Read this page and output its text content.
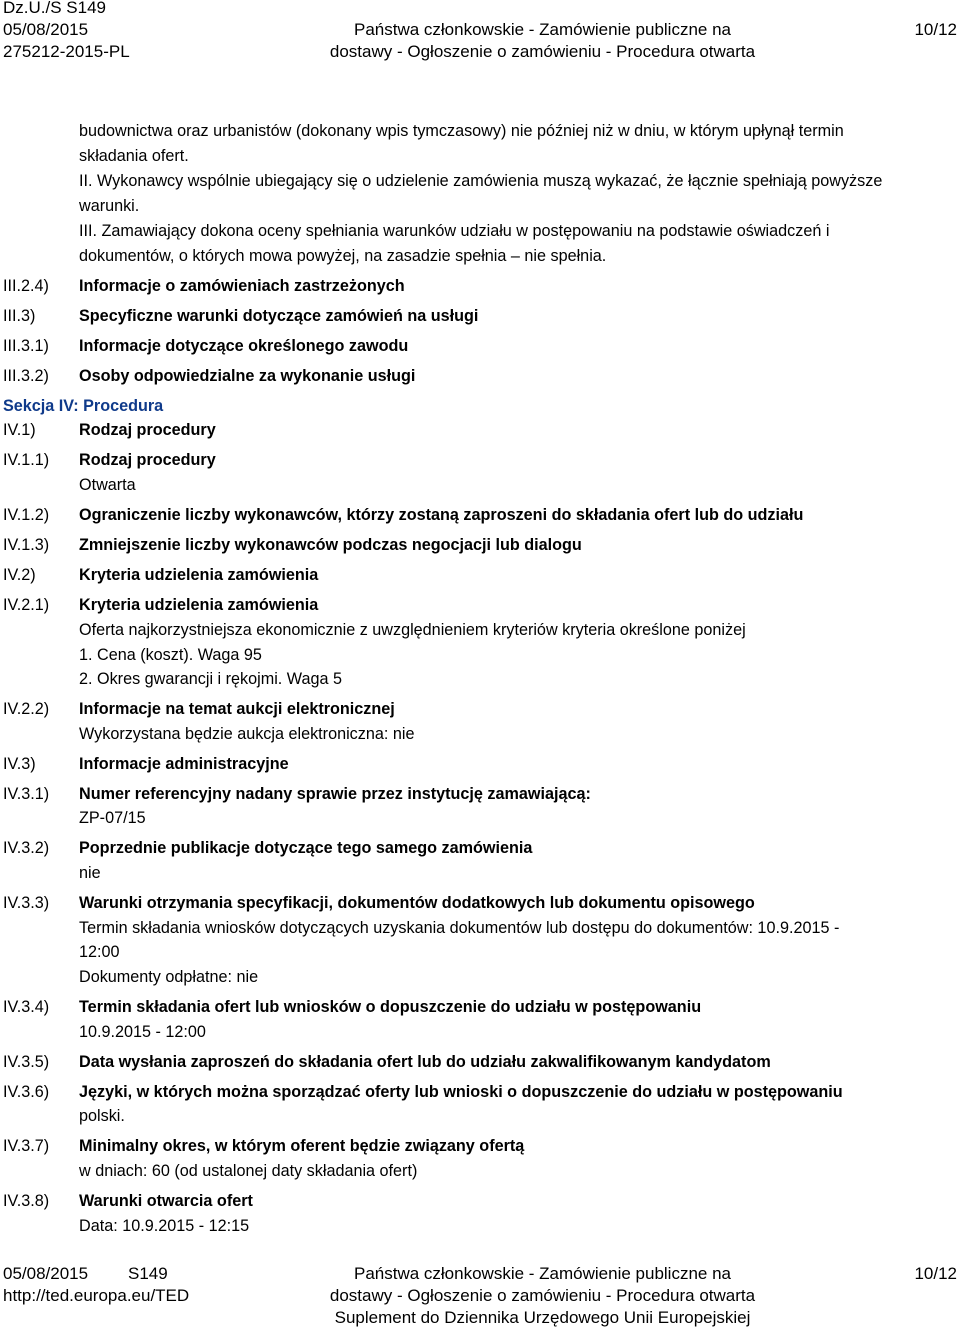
Dz.U./S S149
05/08/2015	Państwa członkowskie - Zamówienie publiczne na	10/12
275212-2015-PL	dostawy - Ogłoszenie o zamówieniu - Procedura otwarta
budownictwa oraz urbanistów (dokonany wpis tymczasowy) nie później niż w dniu, w którym upłynął termin
składania ofert.
II. Wykonawcy wspólnie ubiegający się o udzielenie zamówienia muszą wykazać, że łącznie spełniają powyższe
warunki.
III. Zamawiający dokona oceny spełniania warunków udziału w postępowaniu na podstawie oświadczeń i
dokumentów, o których mowa powyżej, na zasadzie spełnia – nie spełnia.
III.2.4) Informacje o zamówieniach zastrzeżonych
III.3)	Specyficzne warunki dotyczące zamówień na usługi
III.3.1) Informacje dotyczące określonego zawodu
III.3.2) Osoby odpowiedzialne za wykonanie usługi
Sekcja IV: Procedura
IV.1)	Rodzaj procedury
IV.1.1) Rodzaj procedury
Otwarta
IV.1.2) Ograniczenie liczby wykonawców, którzy zostaną zaproszeni do składania ofert lub do udziału
IV.1.3) Zmniejszenie liczby wykonawców podczas negocjacji lub dialogu
IV.2)	Kryteria udzielenia zamówienia
IV.2.1) Kryteria udzielenia zamówienia
Oferta najkorzystniejsza ekonomicznie z uwzględnieniem kryteriów kryteria określone poniżej
1. Cena (koszt). Waga 95
2. Okres gwarancji i rękojmi. Waga 5
IV.2.2) Informacje na temat aukcji elektronicznej
Wykorzystana będzie aukcja elektroniczna: nie
IV.3)	Informacje administracyjne
IV.3.1) Numer referencyjny nadany sprawie przez instytucję zamawiającą:
ZP-07/15
IV.3.2) Poprzednie publikacje dotyczące tego samego zamówienia
nie
IV.3.3) Warunki otrzymania specyfikacji, dokumentów dodatkowych lub dokumentu opisowego
Termin składania wniosków dotyczących uzyskania dokumentów lub dostępu do dokumentów: 10.9.2015 -
12:00
Dokumenty odpłatne: nie
IV.3.4) Termin składania ofert lub wniosków o dopuszczenie do udziału w postępowaniu
10.9.2015 - 12:00
IV.3.5) Data wysłania zaproszeń do składania ofert lub do udziału zakwalifikowanym kandydatom
IV.3.6) Języki, w których można sporządzać oferty lub wnioski o dopuszczenie do udziału w postępowaniu
polski.
IV.3.7) Minimalny okres, w którym oferent będzie związany ofertą
w dniach: 60 (od ustalonej daty składania ofert)
IV.3.8) Warunki otwarcia ofert
Data: 10.9.2015 - 12:15
05/08/2015 S149	Państwa członkowskie - Zamówienie publiczne na	10/12
http://ted.europa.eu/TED	dostawy - Ogłoszenie o zamówieniu - Procedura otwarta
Suplement do Dziennika Urzędowego Unii Europejskiej
